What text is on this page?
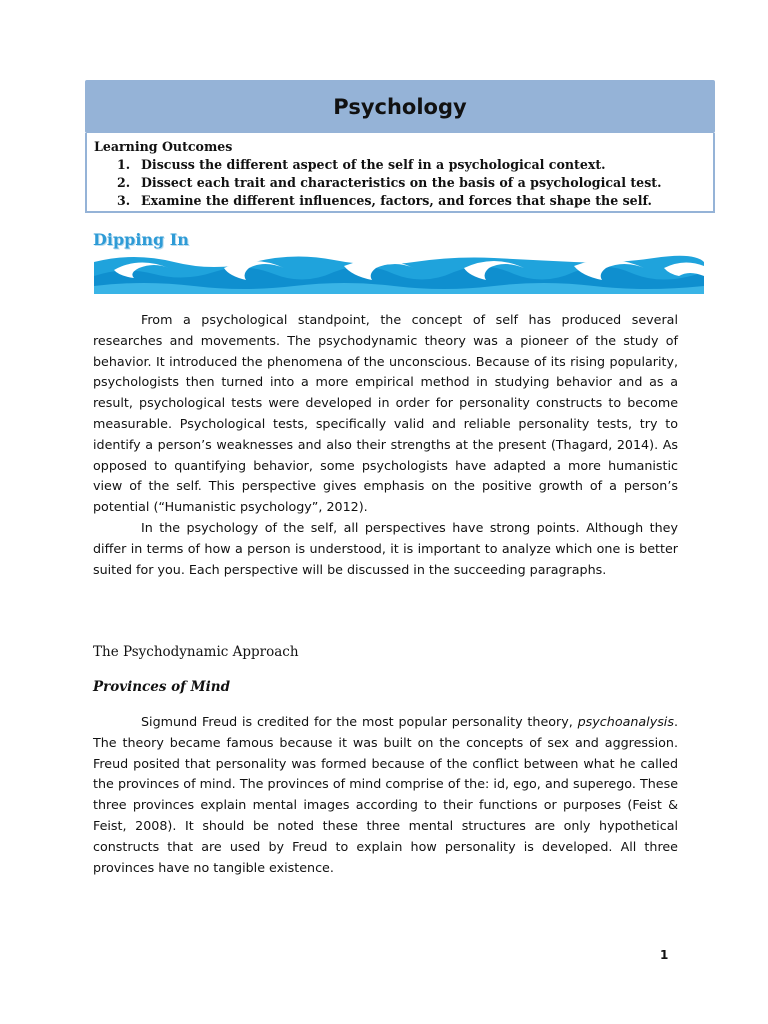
Psychology
Learning Outcomes
1. Discuss the different aspect of the self in a psychological context.
2. Dissect each trait and characteristics on the basis of a psychological test.
3. Examine the different influences, factors, and forces that shape the self.
Dipping In

From a psychological standpoint, the concept of self has produced several researches and movements. The psychodynamic theory was a pioneer of the study of behavior. It introduced the phenomena of the unconscious. Because of its rising popularity, psychologists then turned into a more empirical method in studying behavior and as a result, psychological tests were developed in order for personality constructs to become measurable. Psychological tests, specifically valid and reliable personality tests, try to identify a person’s weaknesses and also their strengths at the present (Thagard, 2014). As opposed to quantifying behavior, some psychologists have adapted a more humanistic view of the self. This perspective gives emphasis on the positive growth of a person’s potential (“Humanistic psychology”, 2012).

In the psychology of the self, all perspectives have strong points. Although they differ in terms of how a person is understood, it is important to analyze which one is better suited for you. Each perspective will be discussed in the succeeding paragraphs.

The Psychodynamic Approach
Provinces of Mind

Sigmund Freud is credited for the most popular personality theory, psychoanalysis. The theory became famous because it was built on the concepts of sex and aggression. Freud posited that personality was formed because of the conflict between what he called the provinces of mind. The provinces of mind comprise of the: id, ego, and superego. These three provinces explain mental images according to their functions or purposes (Feist & Feist, 2008). It should be noted these three mental structures are only hypothetical constructs that are used by Freud to explain how personality is developed. All three provinces have no tangible existence.

1
